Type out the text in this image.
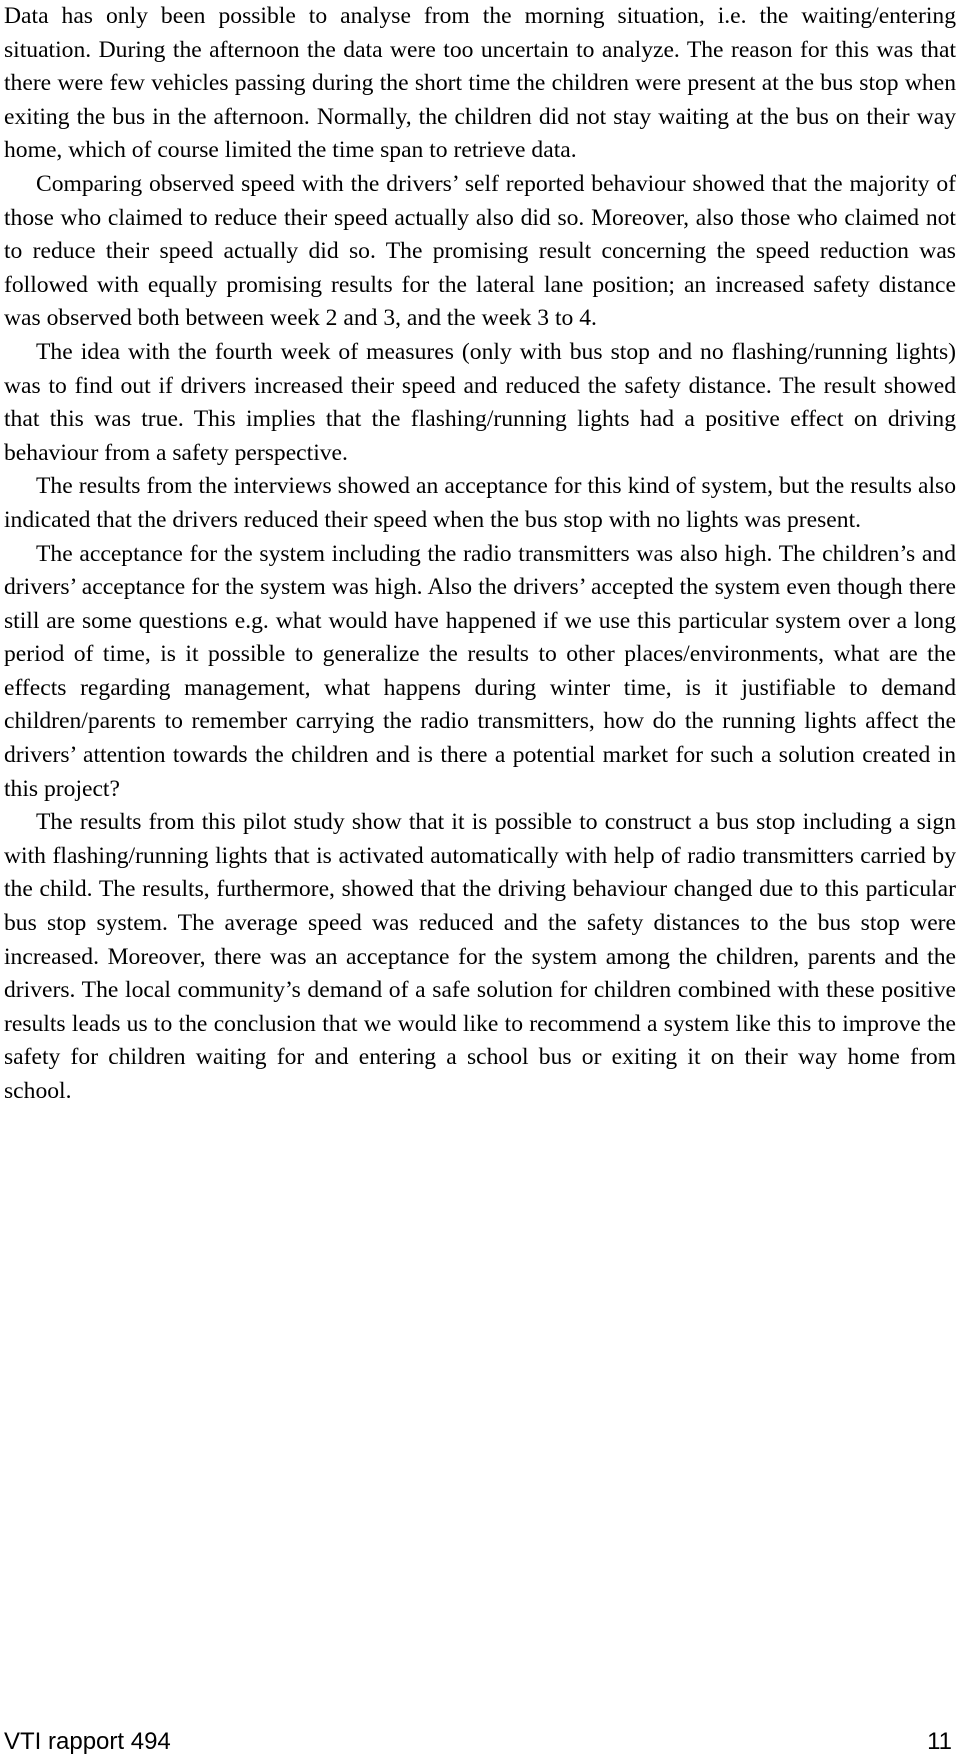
Data has only been possible to analyse from the morning situation, i.e. the waiting/entering situation. During the afternoon the data were too uncertain to analyze. The reason for this was that there were few vehicles passing during the short time the children were present at the bus stop when exiting the bus in the afternoon. Normally, the children did not stay waiting at the bus on their way home, which of course limited the time span to retrieve data.

Comparing observed speed with the drivers’ self reported behaviour showed that the majority of those who claimed to reduce their speed actually also did so. Moreover, also those who claimed not to reduce their speed actually did so. The promising result concerning the speed reduction was followed with equally promising results for the lateral lane position; an increased safety distance was observed both between week 2 and 3, and the week 3 to 4.

The idea with the fourth week of measures (only with bus stop and no flashing/running lights) was to find out if drivers increased their speed and reduced the safety distance. The result showed that this was true. This implies that the flashing/running lights had a positive effect on driving behaviour from a safety perspective.

The results from the interviews showed an acceptance for this kind of system, but the results also indicated that the drivers reduced their speed when the bus stop with no lights was present.

The acceptance for the system including the radio transmitters was also high. The children’s and drivers’ acceptance for the system was high. Also the drivers’ accepted the system even though there still are some questions e.g. what would have happened if we use this particular system over a long period of time, is it possible to generalize the results to other places/environments, what are the effects regarding management, what happens during winter time, is it justifiable to demand children/parents to remember carrying the radio transmitters, how do the running lights affect the drivers’ attention towards the children and is there a potential market for such a solution created in this project?

The results from this pilot study show that it is possible to construct a bus stop including a sign with flashing/running lights that is activated automatically with help of radio transmitters carried by the child. The results, furthermore, showed that the driving behaviour changed due to this particular bus stop system. The average speed was reduced and the safety distances to the bus stop were increased. Moreover, there was an acceptance for the system among the children, parents and the drivers. The local community’s demand of a safe solution for children combined with these positive results leads us to the conclusion that we would like to recommend a system like this to improve the safety for children waiting for and entering a school bus or exiting it on their way home from school.

VTI rapport 494	11
